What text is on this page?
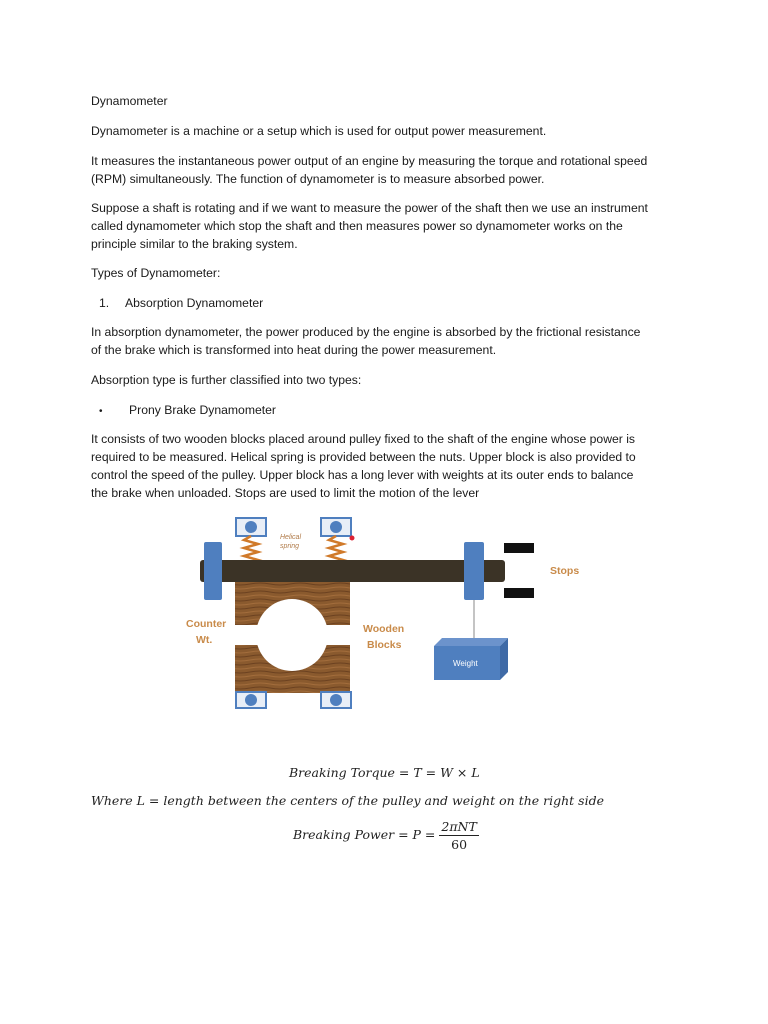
Dynamometer

Dynamometer is a machine or a setup which is used for output power measurement.

It measures the instantaneous power output of an engine by measuring the torque and rotational speed

(RPM) simultaneously. The function of dynamometer is to measure absorbed power.

Suppose a shaft is rotating and if we want to measure the power of the shaft then we use an instrument

called dynamometer which stop the shaft and then measures power so dynamometer works on the

principle similar to the braking system.

Types of Dynamometer:

1. Absorption Dynamometer

In absorption dynamometer, the power produced by the engine is absorbed by the frictional resistance

of the brake which is transformed into heat during the power measurement.

Absorption type is further classified into two types:

• Prony Brake Dynamometer

It consists of two wooden blocks placed around pulley fixed to the shaft of the engine whose power is

required to be measured. Helical spring is provided between the nuts. Upper block is also provided to

control the speed of the pulley. Upper block has a long lever with weights at its outer ends to balance

the brake when unloaded. Stops are used to limit the motion of the lever

Helical
spring
Stops
Weight
Counter
Wt.
Wooden
Blocks
Breaking Torque = T = W × L
Where L = length between the centers of the pulley and weight on the right side
Breaking Power = $P = \frac{\text{2πNT}}{60}$
